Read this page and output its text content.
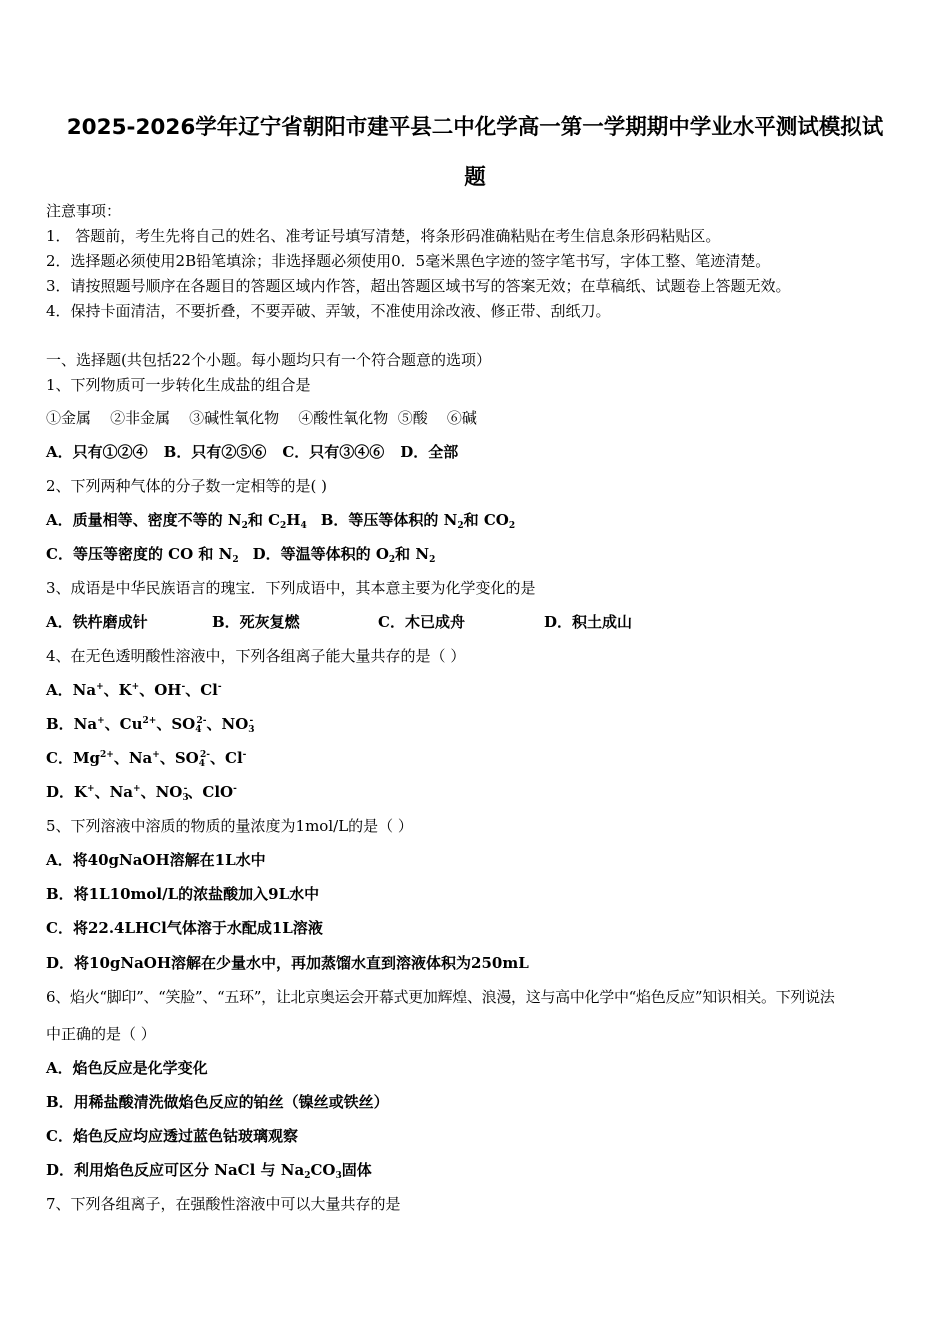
2025-2026学年辽宁省朝阳市建平县二中化学高一第一学期期中学业水平测试模拟试
题
注意事项：
1． 答题前，考生先将自己的姓名、准考证号填写清楚，将条形码准确粘贴在考生信息条形码粘贴区。
2．选择题必须使用2B铅笔填涂；非选择题必须使用0．5毫米黑色字迹的签字笔书写，字体工整、笔迹清楚。
3．请按照题号顺序在各题目的答题区域内作答，超出答题区域书写的答案无效；在草稿纸、试题卷上答题无效。
4．保持卡面清洁，不要折叠，不要弄破、弄皱，不准使用涂改液、修正带、刮纸刀。
一、选择题(共包括22个小题。每小题均只有一个符合题意的选项）
1、下列物质可一步转化生成盐的组合是
①金属    ②非金属    ③碱性氧化物    ④酸性氧化物  ⑤酸    ⑥碱
A．只有①②④ B．只有②⑤⑥ C．只有③④⑥ D．全部
2、下列两种气体的分子数一定相等的是( )
A．质量相等、密度不等的 $N_2$和 $C_2H_4$ B．等压等体积的 $N_2$和 $CO_2$
C．等压等密度的 CO 和 $N_2$ D．等温等体积的 $O_2$和 $N_2$
3、成语是中华民族语言的瑰宝．下列成语中，其本意主要为化学变化的是
A．铁杵磨成针	B．死灰复燃	C．木已成舟	D．积土成山
4、在无色透明酸性溶液中，下列各组离子能大量共存的是（ ）
A．Na+、K+、OH-、Cl-
B．Na+、$Cu^{2+}$、$SO_4^{2-}$、$NO_3^-$
C．$Mg^{2+}$、Na+、$SO_4^{2-}$、Cl-
D．K+、Na+、$NO_3^-$、ClO-
5、下列溶液中溶质的物质的量浓度为1mol/L的是（ ）
A．将40gNaOH溶解在1L水中
B．将1L10mol/L的浓盐酸加入9L水中
C．将22.4LHCl气体溶于水配成1L溶液
D．将10gNaOH溶解在少量水中，再加蒸馏水直到溶液体积为250mL
6、焰火“脚印”、“笑脸”、“五环”，让北京奥运会开幕式更加辉煌、浪漫，这与高中化学中“焰色反应”知识相关。下列说法
中正确的是（ ）
A．焰色反应是化学变化
B．用稀盐酸清洗做焰色反应的铂丝（镍丝或铁丝）
C．焰色反应均应透过蓝色钴玻璃观察
D．利用焰色反应可区分 NaCl 与 $Na_2CO_3$固体
7、下列各组离子，在强酸性溶液中可以大量共存的是
